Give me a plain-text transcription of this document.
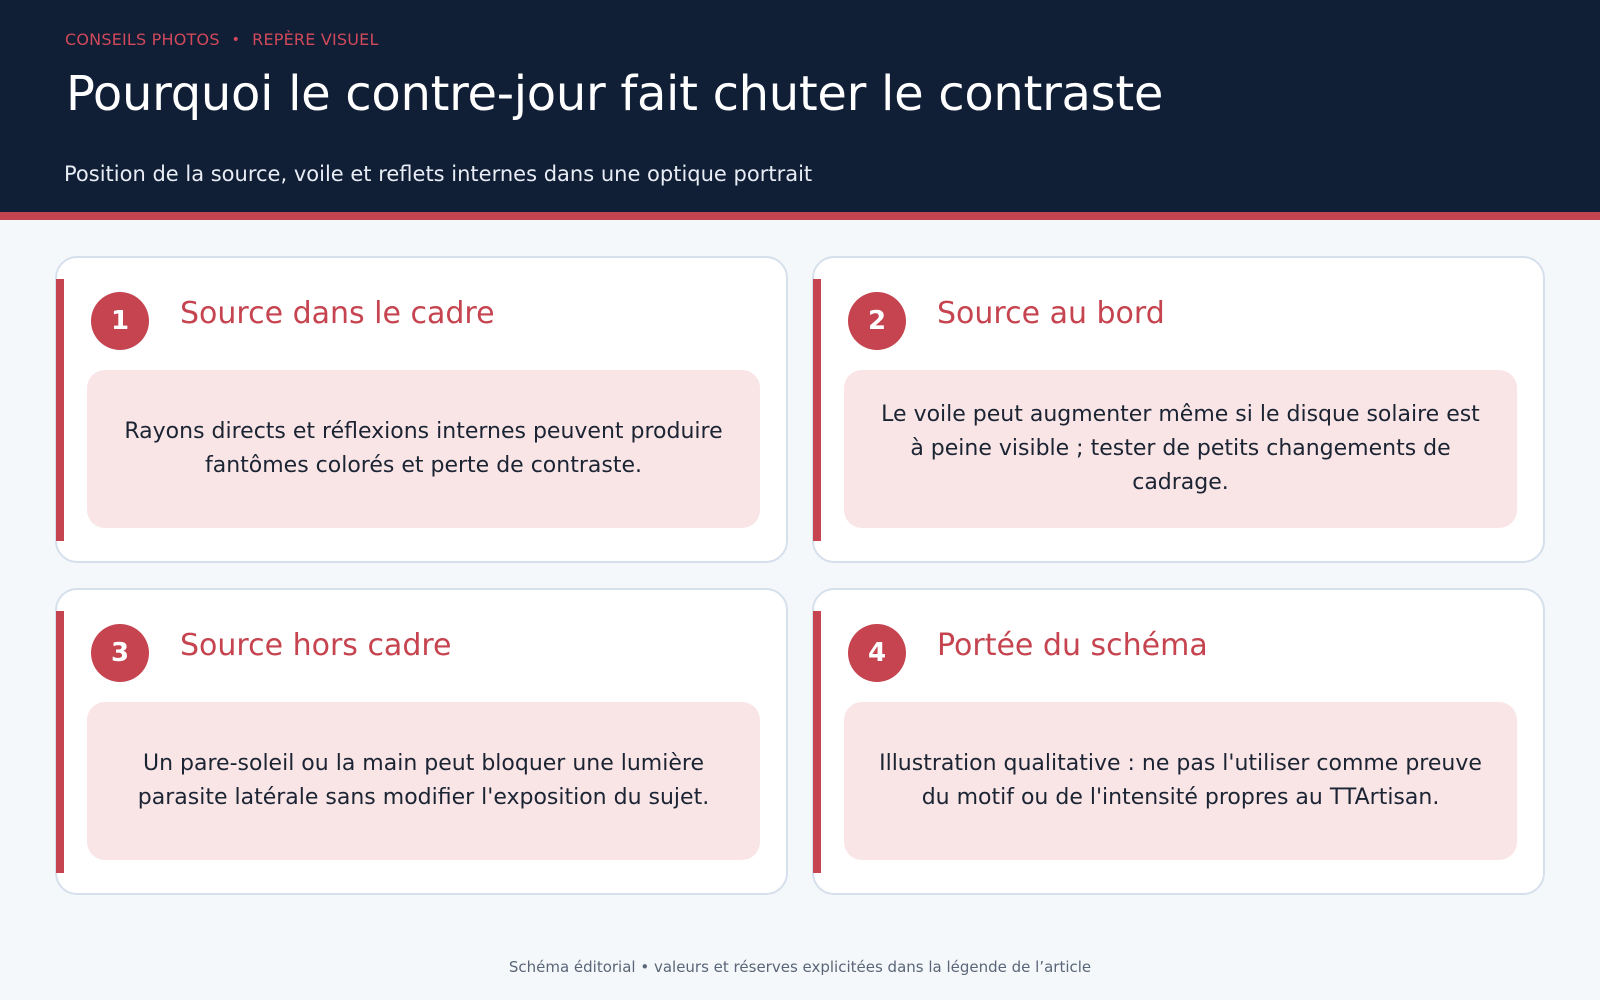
CONSEILS PHOTOS • REPÈRE VISUEL
Pourquoi le contre-jour fait chuter le contraste
Position de la source, voile et reflets internes dans une optique portrait
1	Source dans le cadre
Rayons directs et réflexions internes peuvent produire fantômes colorés et perte de contraste.
2	Source au bord
Le voile peut augmenter même si le disque solaire est à peine visible ; tester de petits changements de cadrage.
3	Source hors cadre
Un pare-soleil ou la main peut bloquer une lumière parasite latérale sans modifier l'exposition du sujet.
4	Portée du schéma
Illustration qualitative : ne pas l'utiliser comme preuve du motif ou de l'intensité propres au TTArtisan.
Schéma éditorial • valeurs et réserves explicitées dans la légende de l’article
